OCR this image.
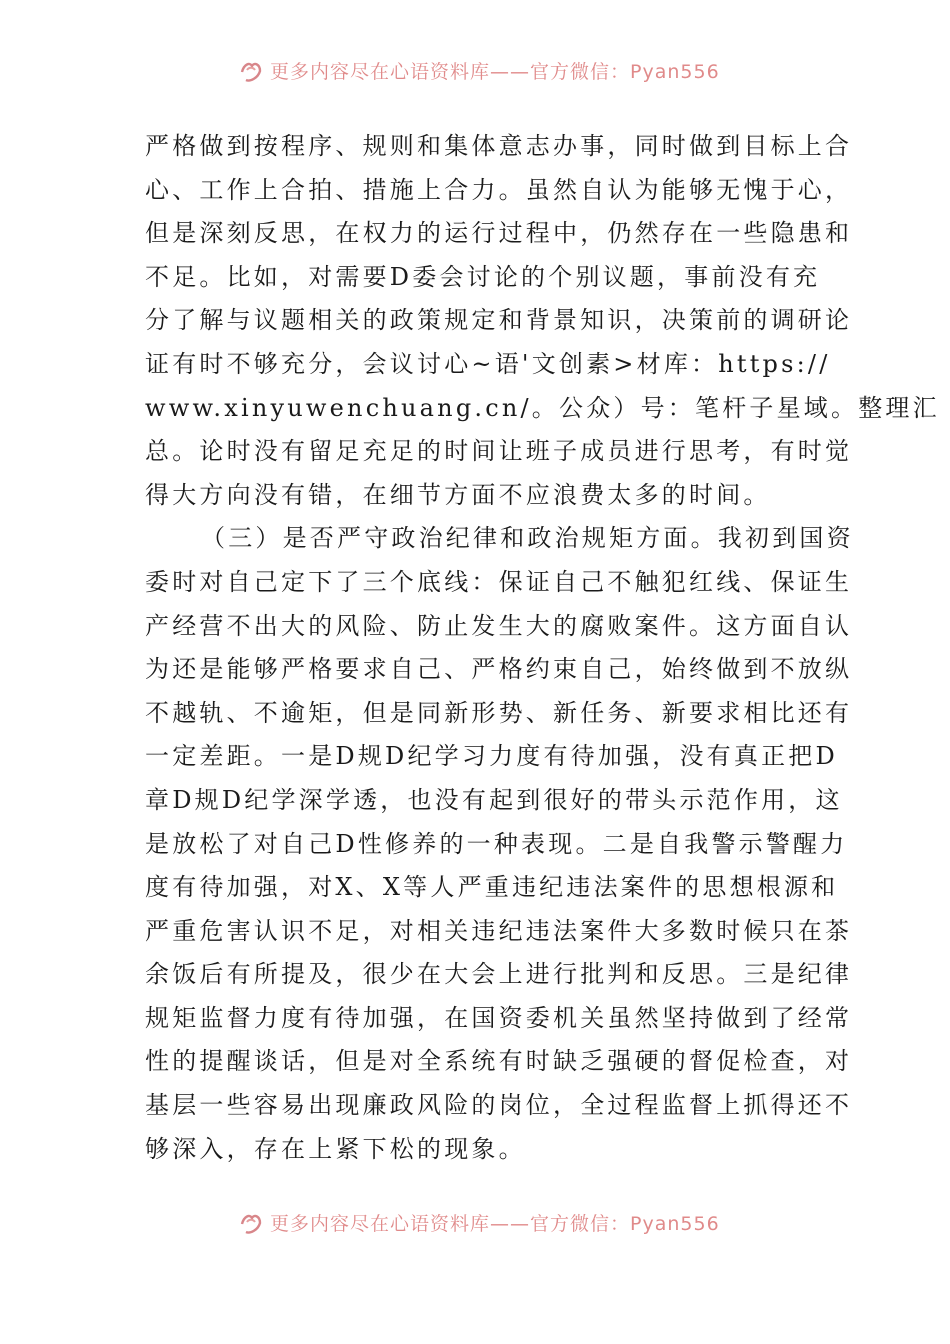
更多内容尽在心语资料库——官方微信：Pyan556
严格做到按程序、规则和集体意志办事，同时做到目标上合
心、工作上合拍、措施上合力。虽然自认为能够无愧于心，
但是深刻反思，在权力的运行过程中，仍然存在一些隐患和
不足。比如，对需要D委会讨论的个别议题，事前没有充
分了解与议题相关的政策规定和背景知识，决策前的调研论
证有时不够充分，会议讨心~语'文创素>材库：https://
www.xinyuwenchuang.cn/。公众）号：笔杆子星域。整理汇
总。论时没有留足充足的时间让班子成员进行思考，有时觉
得大方向没有错，在细节方面不应浪费太多的时间。
（三）是否严守政治纪律和政治规矩方面。我初到国资
委时对自己定下了三个底线：保证自己不触犯红线、保证生
产经营不出大的风险、防止发生大的腐败案件。这方面自认
为还是能够严格要求自己、严格约束自己，始终做到不放纵
不越轨、不逾矩，但是同新形势、新任务、新要求相比还有
一定差距。一是D规D纪学习力度有待加强，没有真正把D
章D规D纪学深学透，也没有起到很好的带头示范作用，这
是放松了对自己D性修养的一种表现。二是自我警示警醒力
度有待加强，对X、X等人严重违纪违法案件的思想根源和
严重危害认识不足，对相关违纪违法案件大多数时候只在茶
余饭后有所提及，很少在大会上进行批判和反思。三是纪律
规矩监督力度有待加强，在国资委机关虽然坚持做到了经常
性的提醒谈话，但是对全系统有时缺乏强硬的督促检查，对
基层一些容易出现廉政风险的岗位，全过程监督上抓得还不
够深入，存在上紧下松的现象。
更多内容尽在心语资料库——官方微信：Pyan556
